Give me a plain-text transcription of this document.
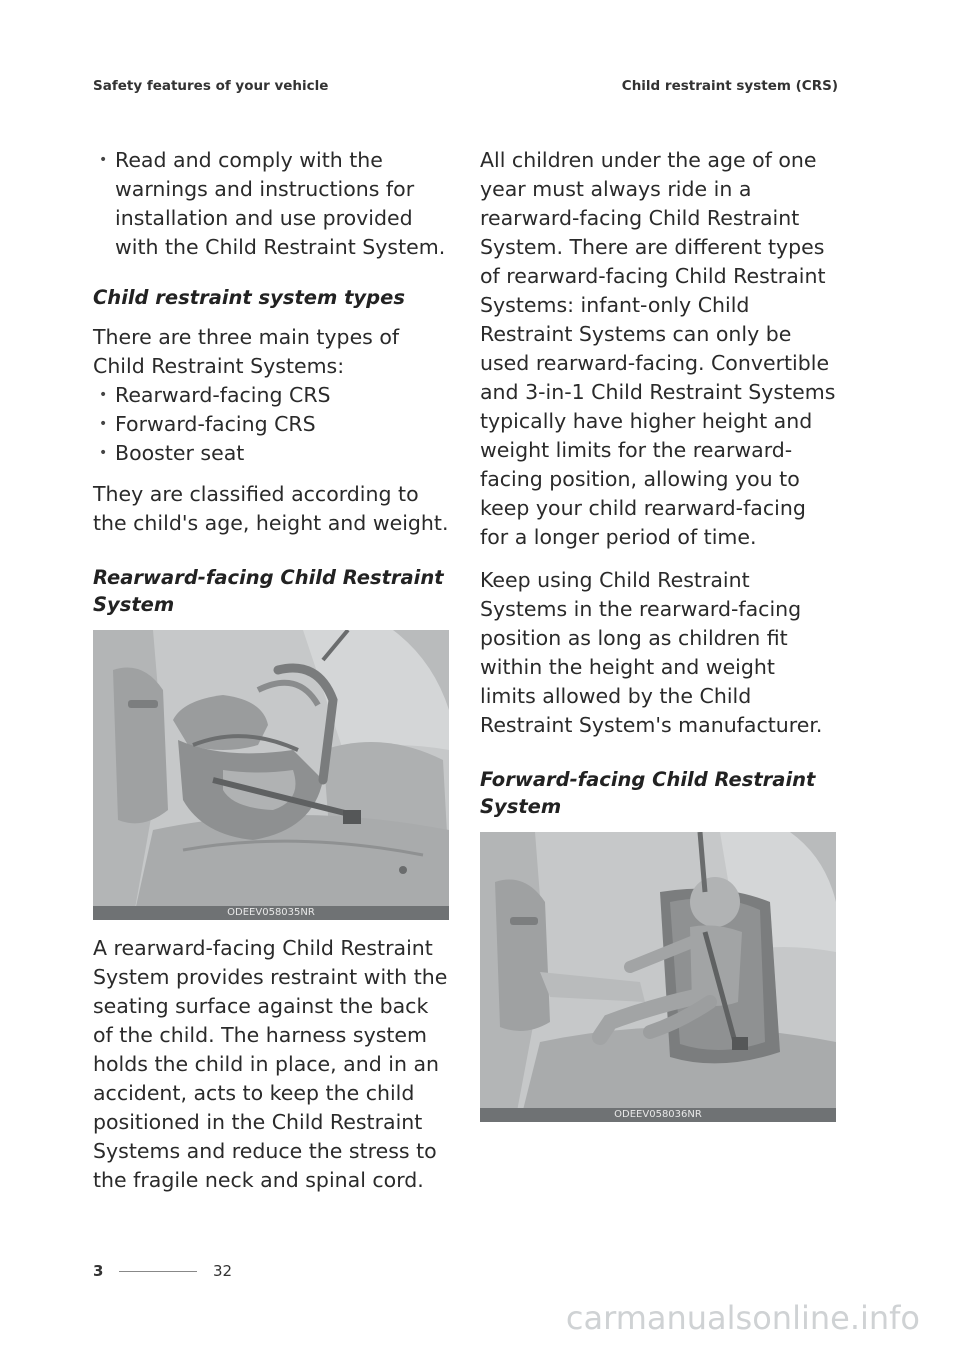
Safety features of your vehicle	Child restraint system (CRS)
• Read and comply with the warnings and instructions for installation and use provided with the Child Restraint System.
Child restraint system types

There are three main types of Child Restraint Systems:

• Rearward-facing CRS
• Forward-facing CRS
• Booster seat

They are classified according to the child's age, height and weight.

Rearward-facing Child Restraint System
ODEEV058035NR

A rearward-facing Child Restraint System provides restraint with the seating surface against the back of the child. The harness system holds the child in place, and in an accident, acts to keep the child positioned in the Child Restraint Systems and reduce the stress to the fragile neck and spinal cord.

All children under the age of one year must always ride in a rearward-facing Child Restraint System. There are different types of rearward-facing Child Restraint Systems: infant-only Child Restraint Systems can only be used rearward-facing. Convertible and 3-in-1 Child Restraint Systems typically have higher height and weight limits for the rearward-facing position, allowing you to keep your child rearward-facing for a longer period of time.

Keep using Child Restraint Systems in the rearward-facing position as long as children fit within the height and weight limits allowed by the Child Restraint System's manufacturer.

Forward-facing Child Restraint System
ODEEV058036NR
3	32
carmanualsonline.info
